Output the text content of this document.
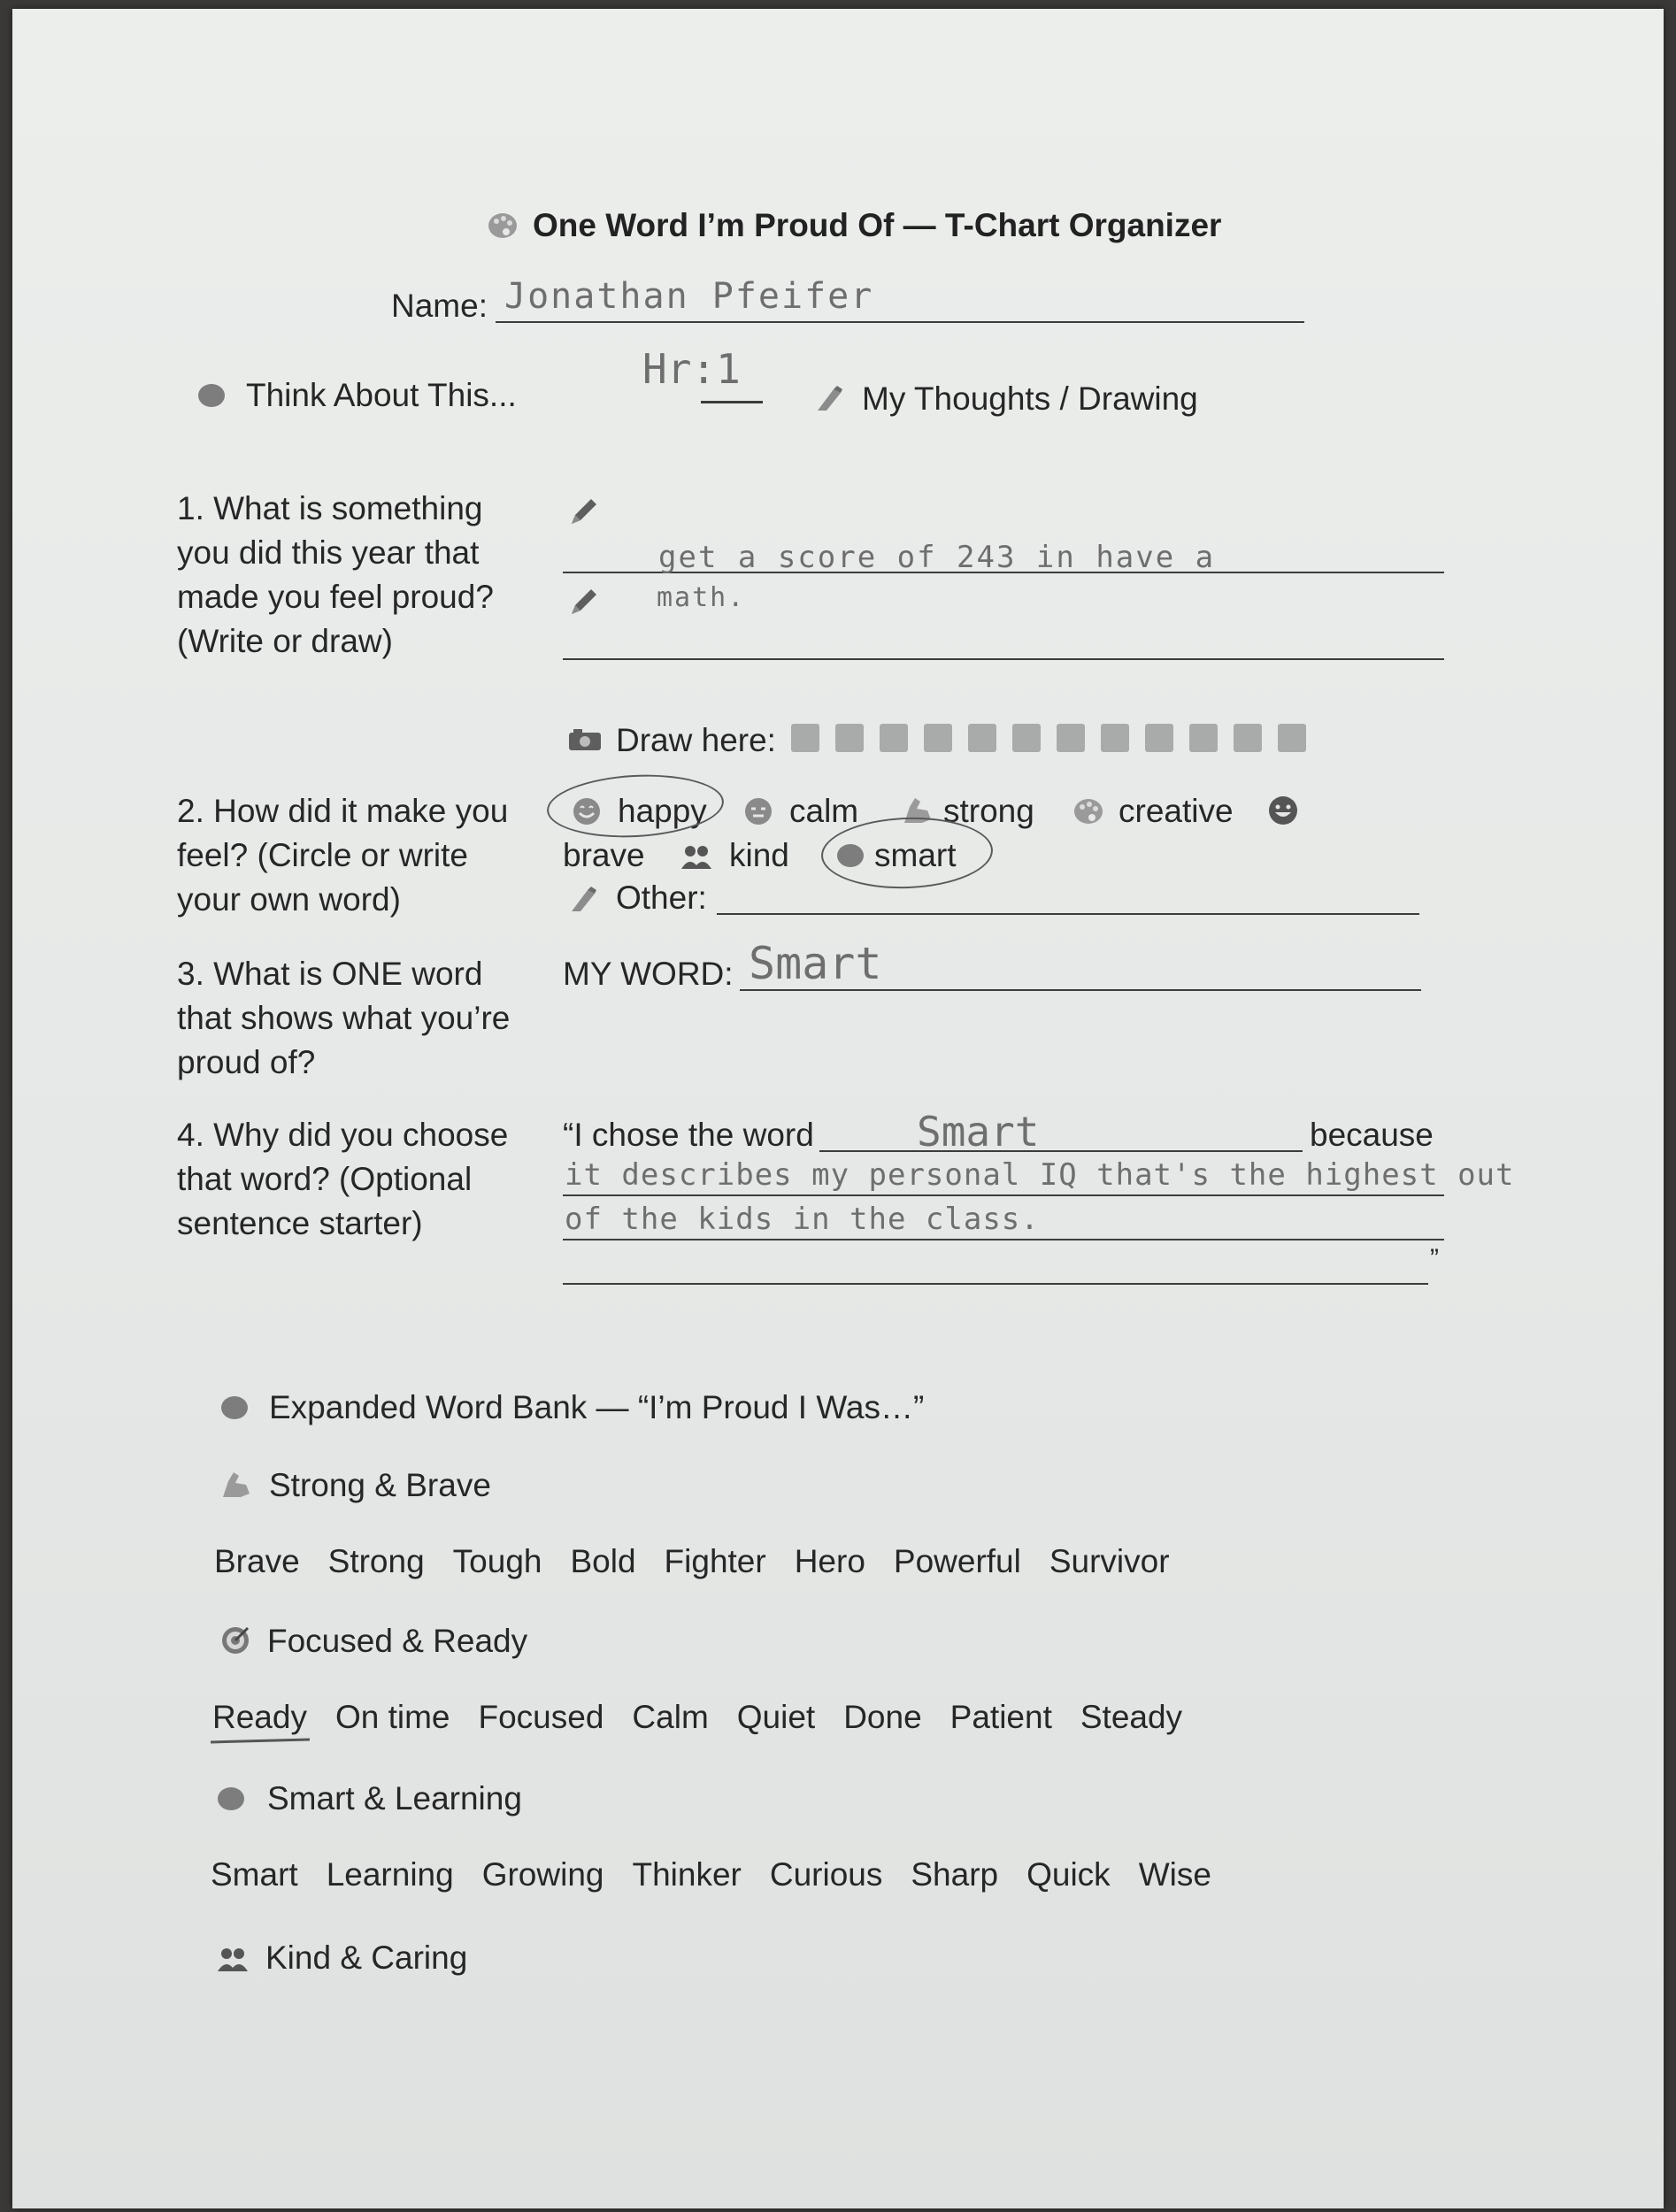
One Word I’m Proud Of — T-Chart Organizer
Name: Jonathan Pfeifer
Hr:1
Think About This...	My Thoughts / Drawing
1. What is something
you did this year that
made you feel proud?
(Write or draw)
get a score of 243 in have a
math.
Draw here:
2. How did it make you
feel? (Circle or write
your own word)
happy	calm	strong	creative
brave	kind	smart
Other:
3. What is ONE word
that shows what you’re
proud of?
MY WORD: Smart
4. Why did you choose
that word? (Optional
sentence starter)
“I chose the word	Smart	because
it describes my personal IQ that's the highest out
of the kids in the class.
”
Expanded Word Bank — “I’m Proud I Was…”
Strong & Brave
Brave Strong Tough Bold Fighter Hero Powerful Survivor
Focused & Ready
Ready On time Focused Calm Quiet Done Patient Steady
Smart & Learning
Smart Learning Growing Thinker Curious Sharp Quick Wise
Kind & Caring
